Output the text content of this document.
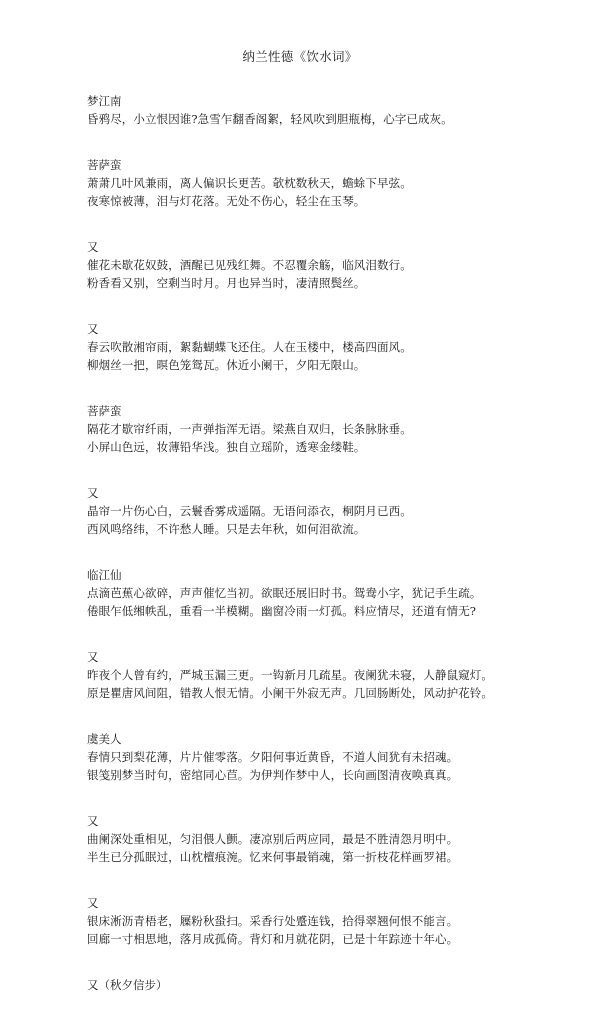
纳兰性德《饮水词》
梦江南
昏鸦尽，小立恨因谁?急雪乍翻香阁絮，轻风吹到胆瓶梅，心字已成灰。
菩萨蛮
萧萧几叶风兼雨，离人偏识长更苦。欹枕数秋天，蟾蜍下早弦。
夜寒惊被薄，泪与灯花落。无处不伤心，轻尘在玉琴。
又
催花未歇花奴鼓，酒醒已见残红舞。不忍覆余觞，临风泪数行。
粉香看又别，空剩当时月。月也异当时，凄清照鬓丝。
又
春云吹散湘帘雨，絮黏蝴蝶飞还住。人在玉楼中，楼高四面风。
柳烟丝一把，暝色笼鸳瓦。休近小阑干，夕阳无限山。
菩萨蛮
隔花才歇帘纤雨，一声弹指浑无语。梁燕自双归，长条脉脉垂。
小屏山色远，妆薄铅华浅。独自立瑶阶，透寒金缕鞋。
又
晶帘一片伤心白，云鬟香雾成遥隔。无语问添衣，桐阴月已西。
西风鸣络纬，不许愁人睡。只是去年秋，如何泪欲流。
临江仙
点滴芭蕉心欲碎，声声催忆当初。欲眠还展旧时书。鸳鸯小字，犹记手生疏。
倦眼乍低缃帙乱，重看一半模糊。幽窗冷雨一灯孤。料应情尽，还道有情无?
又
昨夜个人曾有约，严城玉漏三更。一钩新月几疏星。夜阑犹未寝，人静鼠窥灯。
原是瞿唐风间阻，错教人恨无情。小阑干外寂无声。几回肠断处，风动护花铃。
虞美人
春情只到梨花薄，片片催零落。夕阳何事近黄昏，不道人间犹有未招魂。
银笺别梦当时句，密绾同心苣。为伊判作梦中人，长向画图清夜唤真真。
又
曲阑深处重相见，匀泪偎人颤。凄凉别后两应同，最是不胜清怨月明中。
半生已分孤眠过，山枕檀痕涴。忆来何事最销魂，第一折枝花样画罗裙。
又
银床淅沥青梧老，屧粉秋蛩扫。采香行处蹙连钱，拾得翠翘何恨不能言。
回廊一寸相思地，落月成孤倚。背灯和月就花阴，已是十年踪迹十年心。
又（秋夕信步）
